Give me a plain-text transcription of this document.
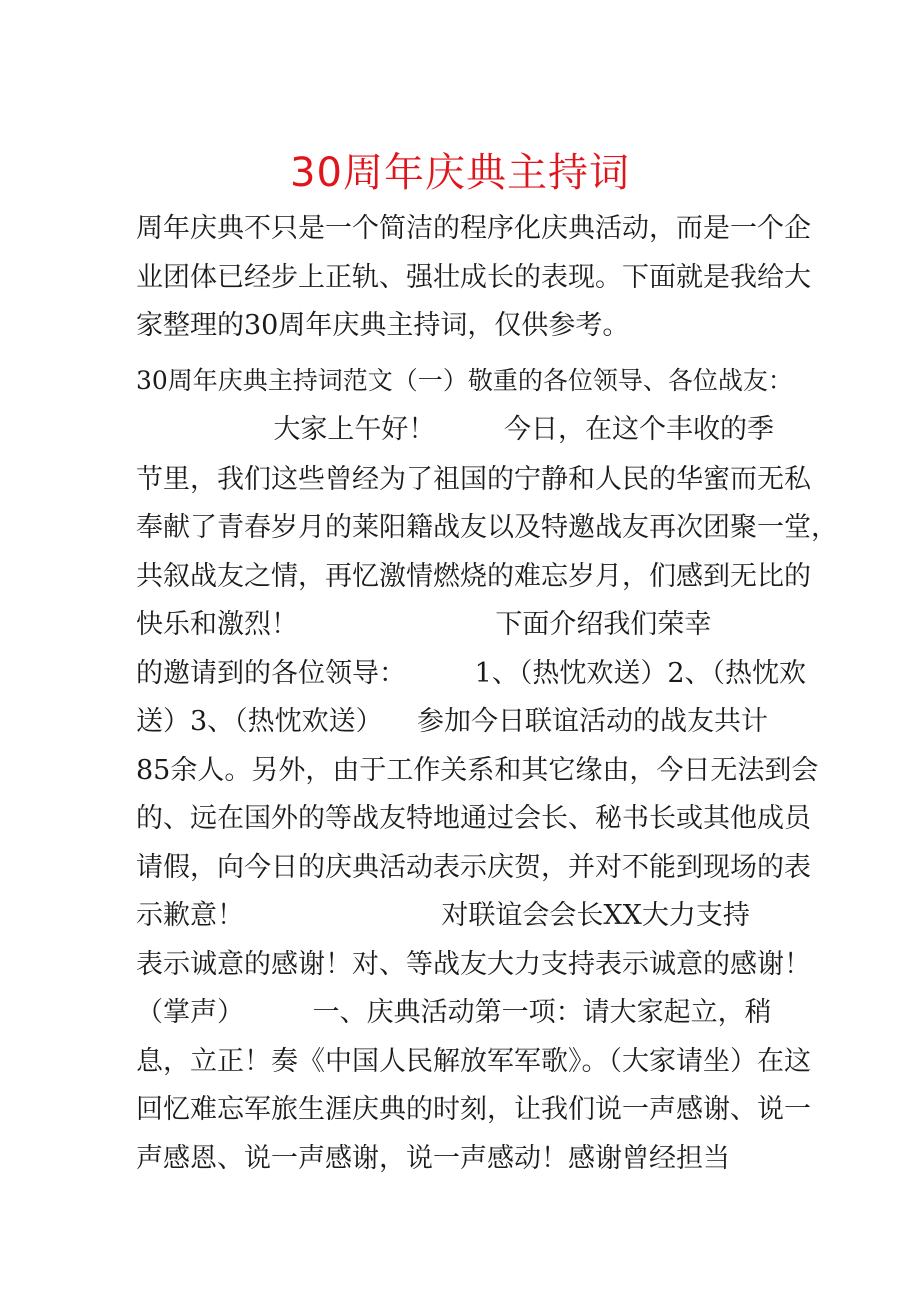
30周年庆典主持词
周年庆典不只是一个简洁的程序化庆典活动，而是一个企
业团体已经步上正轨、强壮成长的表现。下面就是我给大
家整理的30周年庆典主持词，仅供参考。
30周年庆典主持词范文（一）敬重的各位领导、各位战友：
大家上午好！        今日，在这个丰收的季
节里，我们这些曾经为了祖国的宁静和人民的华蜜而无私
奉献了青春岁月的莱阳籍战友以及特邀战友再次团聚一堂，
共叙战友之情，再忆激情燃烧的难忘岁月，们感到无比的
快乐和激烈！                       下面介绍我们荣幸
的邀请到的各位领导：        1、（热忱欢送）2、（热忱欢
送）3、（热忱欢送）    参加今日联谊活动的战友共计
85余人。另外，由于工作关系和其它缘由，今日无法到会
的、远在国外的等战友特地通过会长、秘书长或其他成员
请假，向今日的庆典活动表示庆贺，并对不能到现场的表
示歉意！                       对联谊会会长XX大力支持
表示诚意的感谢！对、等战友大力支持表示诚意的感谢！
（掌声）        一、庆典活动第一项：请大家起立，稍
息，立正！奏《中国人民解放军军歌》。（大家请坐）在这
回忆难忘军旅生涯庆典的时刻，让我们说一声感谢、说一
声感恩、说一声感谢，说一声感动！感谢曾经担当
